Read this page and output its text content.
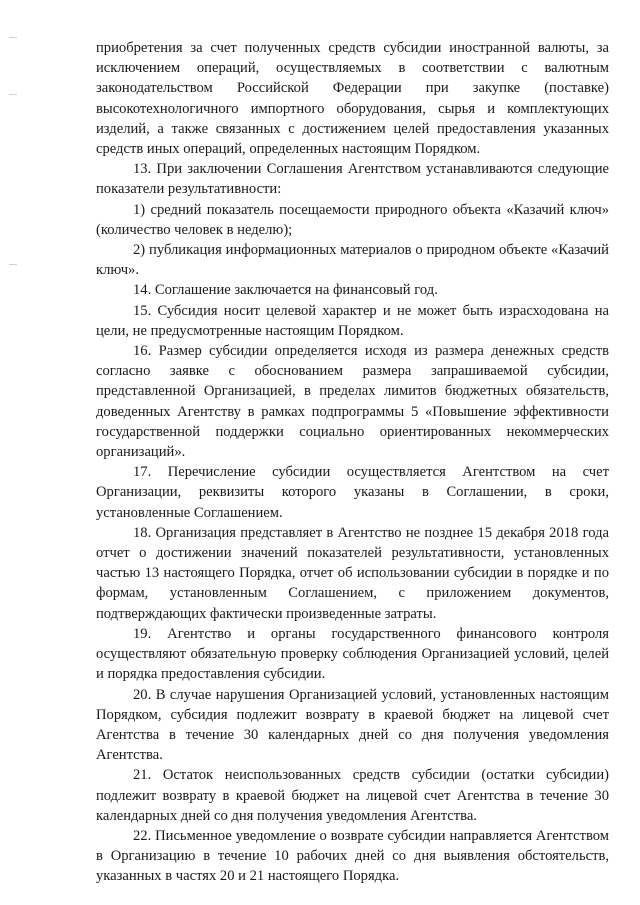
приобретения за счет полученных средств субсидии иностранной валюты, за исключением операций, осуществляемых в соответствии с валютным законодательством Российской Федерации при закупке (поставке) высокотехнологичного импортного оборудования, сырья и комплектующих изделий, а также связанных с достижением целей предоставления указанных средств иных операций, определенных настоящим Порядком.

13. При заключении Соглашения Агентством устанавливаются следующие показатели результативности:

1) средний показатель посещаемости природного объекта «Казачий ключ» (количество человек в неделю);

2) публикация информационных материалов о природном объекте «Казачий ключ».

14. Соглашение заключается на финансовый год.

15. Субсидия носит целевой характер и не может быть израсходована на цели, не предусмотренные настоящим Порядком.

16. Размер субсидии определяется исходя из размера денежных средств согласно заявке с обоснованием размера запрашиваемой субсидии, представленной Организацией, в пределах лимитов бюджетных обязательств, доведенных Агентству в рамках подпрограммы 5 «Повышение эффективности государственной поддержки социально ориентированных некоммерческих организаций».

17. Перечисление субсидии осуществляется Агентством на счет Организации, реквизиты которого указаны в Соглашении, в сроки, установленные Соглашением.

18. Организация представляет в Агентство не позднее 15 декабря 2018 года отчет о достижении значений показателей результативности, установленных частью 13 настоящего Порядка, отчет об использовании субсидии в порядке и по формам, установленным Соглашением, с приложением документов, подтверждающих фактически произведенные затраты.

19. Агентство и органы государственного финансового контроля осуществляют обязательную проверку соблюдения Организацией условий, целей и порядка предоставления субсидии.

20. В случае нарушения Организацией условий, установленных настоящим Порядком, субсидия подлежит возврату в краевой бюджет на лицевой счет Агентства в течение 30 календарных дней со дня получения уведомления Агентства.

21. Остаток неиспользованных средств субсидии (остатки субсидии) подлежит возврату в краевой бюджет на лицевой счет Агентства в течение 30 календарных дней со дня получения уведомления Агентства.

22. Письменное уведомление о возврате субсидии направляется Агентством в Организацию в течение 10 рабочих дней со дня выявления обстоятельств, указанных в частях 20 и 21 настоящего Порядка.
